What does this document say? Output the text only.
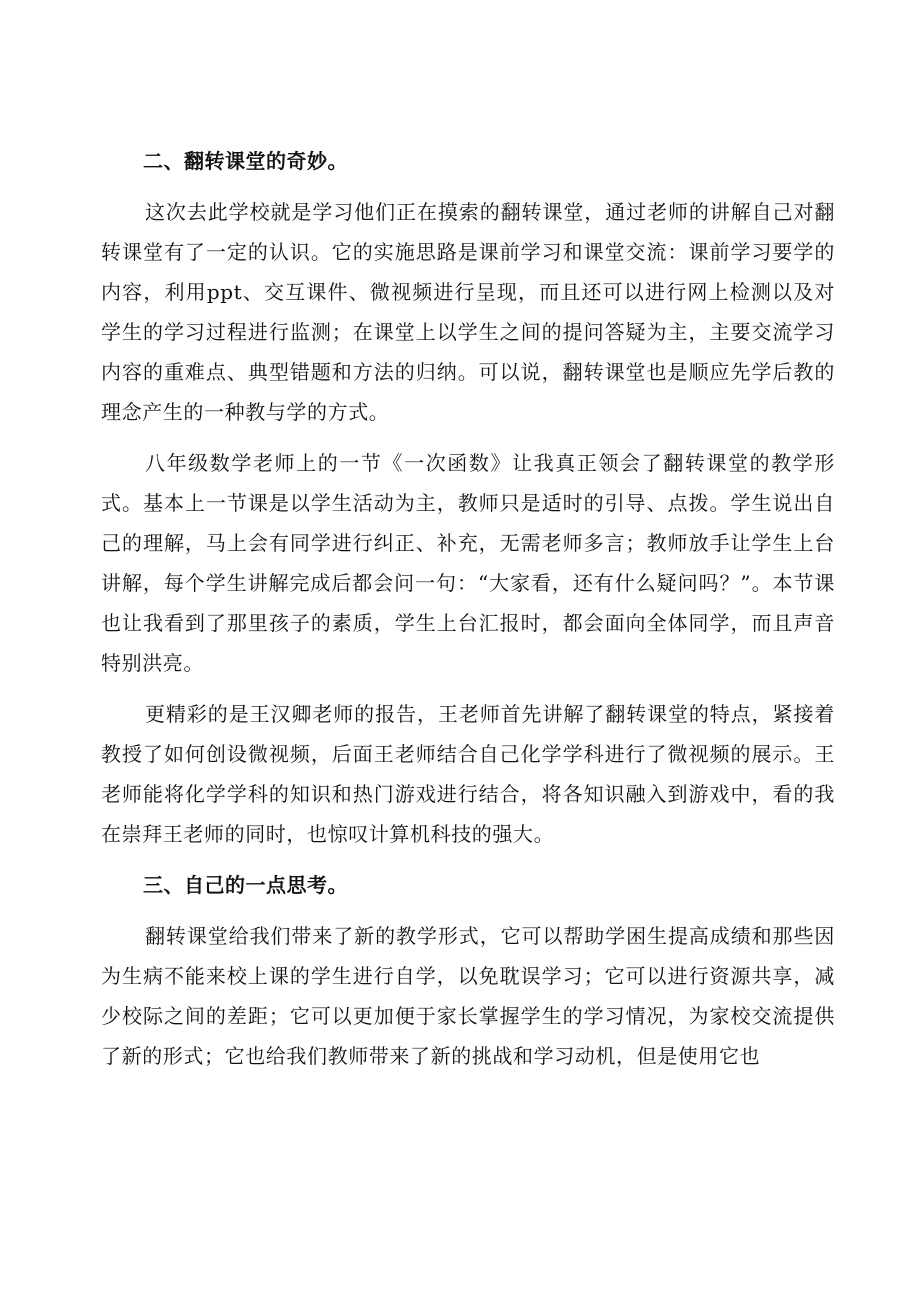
二、翻转课堂的奇妙。

这次去此学校就是学习他们正在摸索的翻转课堂，通过老师的讲解自己对翻转课堂有了一定的认识。它的实施思路是课前学习和课堂交流：课前学习要学的内容，利用ppt、交互课件、微视频进行呈现，而且还可以进行网上检测以及对学生的学习过程进行监测；在课堂上以学生之间的提问答疑为主，主要交流学习内容的重难点、典型错题和方法的归纳。可以说，翻转课堂也是顺应先学后教的理念产生的一种教与学的方式。

八年级数学老师上的一节《一次函数》让我真正领会了翻转课堂的教学形式。基本上一节课是以学生活动为主，教师只是适时的引导、点拨。学生说出自己的理解，马上会有同学进行纠正、补充，无需老师多言；教师放手让学生上台讲解，每个学生讲解完成后都会问一句：“大家看，还有什么疑问吗？”。本节课也让我看到了那里孩子的素质，学生上台汇报时，都会面向全体同学，而且声音特别洪亮。

更精彩的是王汉卿老师的报告，王老师首先讲解了翻转课堂的特点，紧接着教授了如何创设微视频，后面王老师结合自己化学学科进行了微视频的展示。王老师能将化学学科的知识和热门游戏进行结合，将各知识融入到游戏中，看的我在崇拜王老师的同时，也惊叹计算机科技的强大。

三、自己的一点思考。

翻转课堂给我们带来了新的教学形式，它可以帮助学困生提高成绩和那些因为生病不能来校上课的学生进行自学，以免耽误学习；它可以进行资源共享，减少校际之间的差距；它可以更加便于家长掌握学生的学习情况，为家校交流提供了新的形式；它也给我们教师带来了新的挑战和学习动机，但是使用它也
